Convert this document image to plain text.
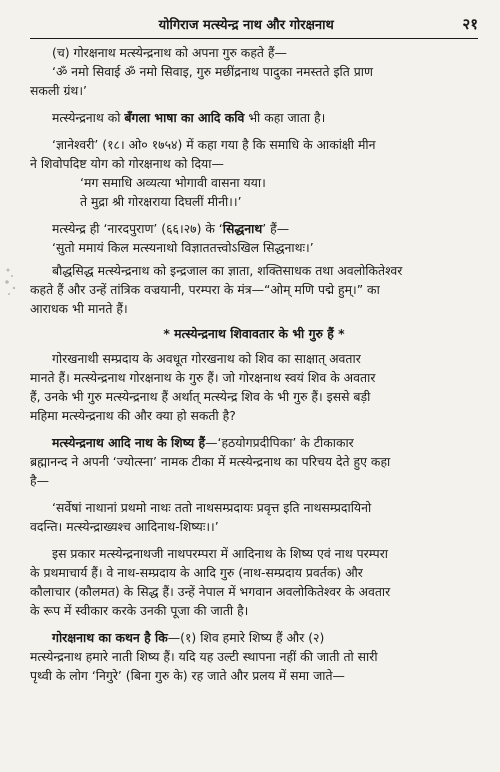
योगिराज मत्स्येन्द्र नाथ और गोरक्षनाथ	२१

(च) गोरक्षनाथ मत्स्येन्द्रनाथ को अपना गुरु कहते हैं—

‘ॐ नमो सिवाई ॐ नमो सिवाइ, गुरु मछींद्रनाथ पादुका नमस्तते इति प्राण

सकली ग्रंथ।’

मत्स्येन्द्रनाथ को बँगला भाषा का आदि कवि भी कहा जाता है।

‘ज्ञानेश्वरी’ (१८। ओ० १७५४) में कहा गया है कि समाधि के आकांक्षी मीन

ने शिवोपदिष्ट योग को गोरक्षनाथ को दिया—

‘मग समाधि अव्यत्या भोगावी वासना यया।

ते मुद्रा श्री गोरक्षराया दिघलीं मीनी।।’

मत्स्येन्द्र ही ‘नारदपुराण’ (६६।२७) के ‘सिद्धनाथ’ हैं—

‘सुतो ममायं किल मत्स्यनाथो विज्ञाततत्त्वोऽखिल सिद्धनाथः।’

बौद्धसिद्ध मत्स्येन्द्रनाथ को इन्द्रजाल का ज्ञाता, शक्तिसाधक तथा अवलोकितेश्वर

कहते हैं और उन्हें तांत्रिक वज्रयानी, परम्परा के मंत्र—“ओम् मणि पद्मे हुम्।” का

आराधक भी मानते हैं।

* मत्स्येन्द्रनाथ शिवावतार के भी गुरु हैं *

गोरखनाथी सम्प्रदाय के अवधूत गोरखनाथ को शिव का साक्षात् अवतार

मानते हैं। मत्स्येन्द्रनाथ गोरक्षनाथ के गुरु हैं। जो गोरक्षनाथ स्वयं शिव के अवतार

हैं, उनके भी गुरु मत्स्येन्द्रनाथ हैं अर्थात् मत्स्येन्द्र शिव के भी गुरु हैं। इससे बड़ी

महिमा मत्स्येन्द्रनाथ की और क्या हो सकती है?

मत्स्येन्द्रनाथ आदि नाथ के शिष्य हैं—‘हठयोगप्रदीपिका’ के टीकाकार

ब्रह्मानन्द ने अपनी ‘ज्योत्स्ना’ नामक टीका में मत्स्येन्द्रनाथ का परिचय देते हुए कहा

है—

‘सर्वेषां नाथानां प्रथमो नाथः ततो नाथसम्प्रदायः प्रवृत्त इति नाथसम्प्रदायिनो

वदन्ति। मत्स्येन्द्राख्यश्च आदिनाथ-शिष्यः।।’

इस प्रकार मत्स्येन्द्रनाथजी नाथपरम्परा में आदिनाथ के शिष्य एवं नाथ परम्परा

के प्रथमाचार्य हैं। वे नाथ-सम्प्रदाय के आदि गुरु (नाथ-सम्प्रदाय प्रवर्तक) और

कौलाचार (कौलमत) के सिद्ध हैं। उन्हें नेपाल में भगवान अवलोकितेश्वर के अवतार

के रूप में स्वीकार करके उनकी पूजा की जाती है।

गोरक्षनाथ का कथन है कि—(१) शिव हमारे शिष्य हैं और (२)

मत्स्येन्द्रनाथ हमारे नाती शिष्य हैं। यदि यह उल्टी स्थापना नहीं की जाती तो सारी

पृथ्वी के लोग ‘निगुरे’ (बिना गुरु के) रह जाते और प्रलय में समा जाते—
